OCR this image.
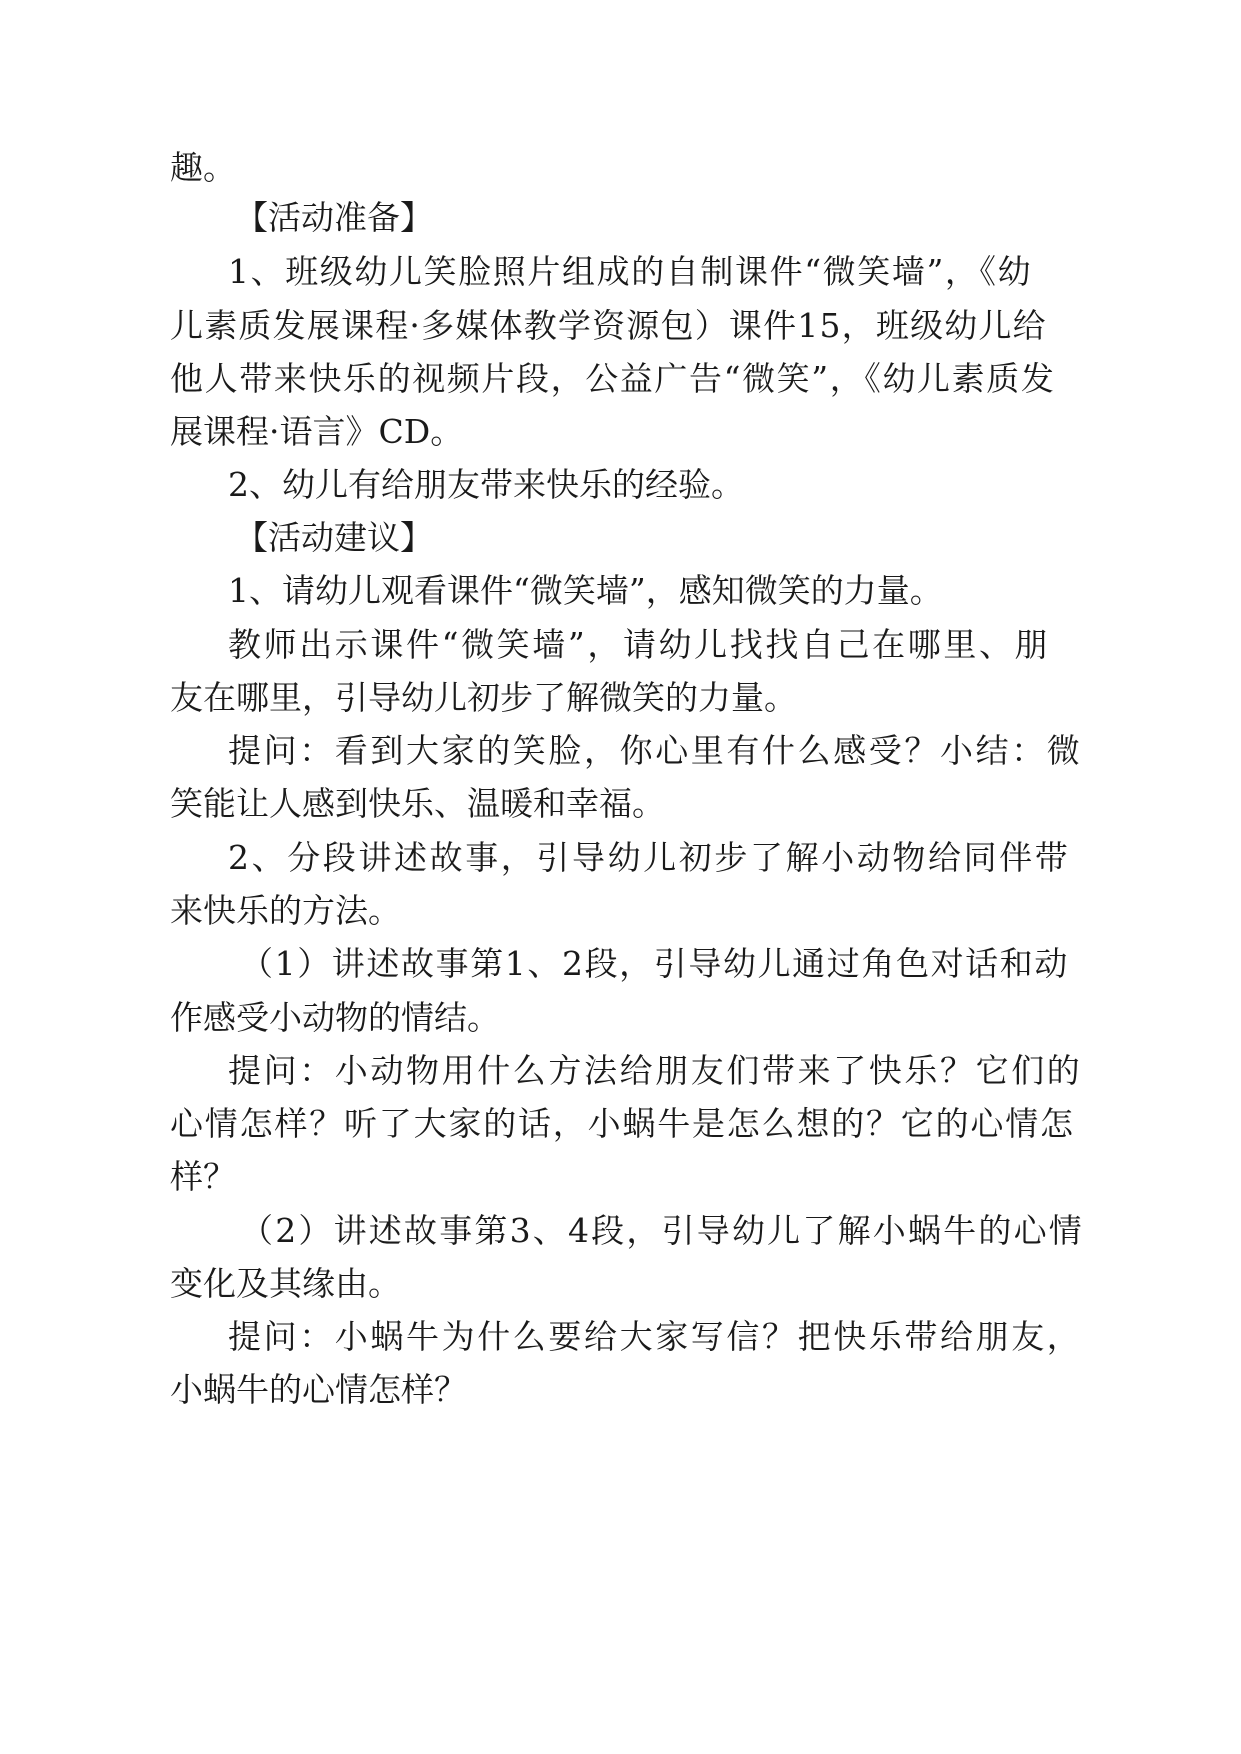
趣。

【活动准备】

1、班级幼儿笑脸照片组成的自制课件“微笑墙”，《幼

儿素质发展课程·多媒体教学资源包）课件15，班级幼儿给

他人带来快乐的视频片段，公益广告“微笑”，《幼儿素质发

展课程·语言》CD。

2、幼儿有给朋友带来快乐的经验。

【活动建议】

1、请幼儿观看课件“微笑墙”，感知微笑的力量。

教师出示课件“微笑墙”，请幼儿找找自己在哪里、朋

友在哪里，引导幼儿初步了解微笑的力量。

提问：看到大家的笑脸，你心里有什么感受？小结：微

笑能让人感到快乐、温暖和幸福。

2、分段讲述故事，引导幼儿初步了解小动物给同伴带

来快乐的方法。

（1）讲述故事第1、2段，引导幼儿通过角色对话和动

作感受小动物的情结。

提问：小动物用什么方法给朋友们带来了快乐？它们的

心情怎样？听了大家的话，小蜗牛是怎么想的？它的心情怎

样？

（2）讲述故事第3、4段，引导幼儿了解小蜗牛的心情

变化及其缘由。

提问：小蜗牛为什么要给大家写信？把快乐带给朋友，

小蜗牛的心情怎样？
